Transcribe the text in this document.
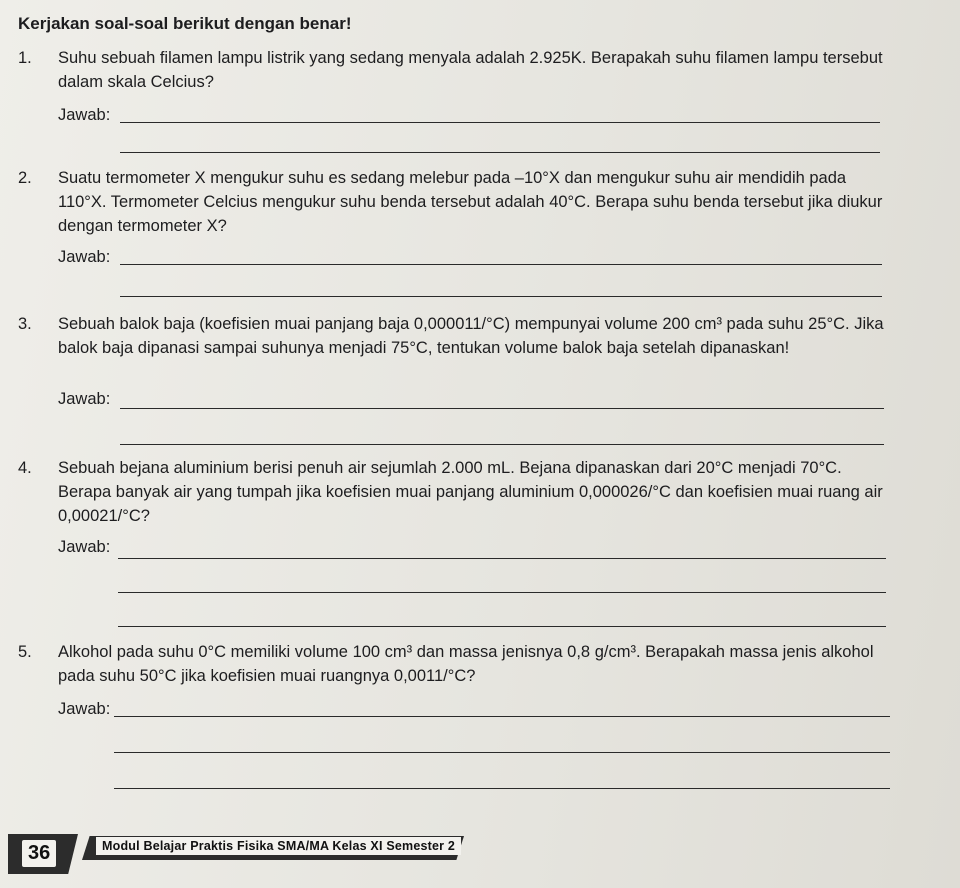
Kerjakan soal-soal berikut dengan benar!
1. Suhu sebuah filamen lampu listrik yang sedang menyala adalah 2.925K. Berapakah suhu filamen lampu tersebut dalam skala Celcius?
Jawab:
2. Suatu termometer X mengukur suhu es sedang melebur pada –10°X dan mengukur suhu air mendidih pada 110°X. Termometer Celcius mengukur suhu benda tersebut adalah 40°C. Berapa suhu benda tersebut jika diukur dengan termometer X?
Jawab:
3. Sebuah balok baja (koefisien muai panjang baja 0,000011/°C) mempunyai volume 200 cm³ pada suhu 25°C. Jika balok baja dipanasi sampai suhunya menjadi 75°C, tentukan volume balok baja setelah dipanaskan!
Jawab:
4. Sebuah bejana aluminium berisi penuh air sejumlah 2.000 mL. Bejana dipanaskan dari 20°C menjadi 70°C. Berapa banyak air yang tumpah jika koefisien muai panjang aluminium 0,000026/°C dan koefisien muai ruang air 0,00021/°C?
Jawab:
5. Alkohol pada suhu 0°C memiliki volume 100 cm³ dan massa jenisnya 0,8 g/cm³. Berapakah massa jenis alkohol pada suhu 50°C jika koefisien muai ruangnya 0,0011/°C?
Jawab:
36	Modul Belajar Praktis Fisika SMA/MA Kelas XI Semester 2
